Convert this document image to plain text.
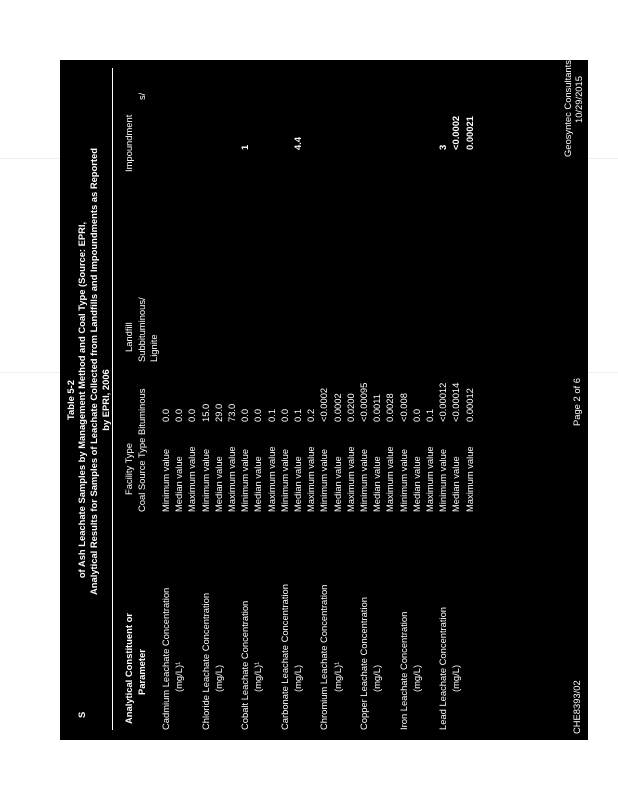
Table 5-2
S
of Ash Leachate Samples by Management Method and Coal Type (Source: EPRI, Analytical Results for Samples of Leachate Collected from Landfills and Impoundments as Reported by EPRI, 2006
Analytical Constituent or Parameter
Facility Type Coal Source Type
Landfill
Impoundment
Bituminous
Subbituminous/ Lignite
s/
Cadmium Leachate Concentration (mg/L)¹
Minimum value
0.0
Median value
0.0
Maximum value
0.0
Chloride Leachate Concentration (mg/L)
Minimum value
15.0
Median value
29.0
Maximum value
73.0
Cobalt Leachate Concentration (mg/L)¹
Minimum value
0.0
1
Median value
0.0
Maximum value
0.1
Carbonate Leachate Concentration (mg/L)
Minimum value
0.0
Median value
0.1
4.4
Maximum value
0.2
Chromium Leachate Concentration (mg/L)¹
Minimum value
<0.0002
Median value
0.0002
Maximum value
0.0200
Copper Leachate Concentration (mg/L)
Minimum value
<0.00095
Median value
0.0011
Maximum value
0.0028
Iron Leachate Concentration (mg/L)
Minimum value
<0.008
Median value
0.0
Maximum value
0.1
Lead Leachate Concentration (mg/L)
Minimum value
<0.00012
3
Median value
<0.00014
<0.0002
Maximum value
0.00012
0.00021
CHE8393/02
Page 2 of 6
Geosyntec Consultants 10/29/2015
